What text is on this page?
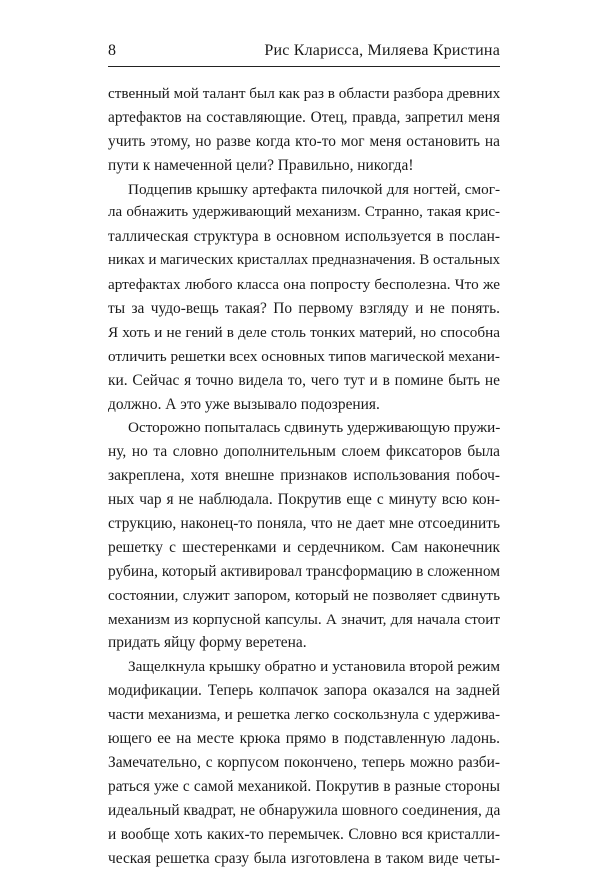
8	Рис Кларисса, Миляева Кристина
ственный мой талант был как раз в области разбора древних
артефактов на составляющие. Отец, правда, запретил меня
учить этому, но разве когда кто-то мог меня остановить на
пути к намеченной цели? Правильно, никогда!
Подцепив крышку артефакта пилочкой для ногтей, смог-
ла обнажить удерживающий механизм. Странно, такая крис-
таллическая структура в основном используется в послан-
никах и магических кристаллах предназначения. В остальных
артефактах любого класса она попросту бесполезна. Что же
ты за чудо-вещь такая? По первому взгляду и не понять.
Я хоть и не гений в деле столь тонких материй, но способна
отличить решетки всех основных типов магической механи-
ки. Сейчас я точно видела то, чего тут и в помине быть не
должно. А это уже вызывало подозрения.
Осторожно попыталась сдвинуть удерживающую пружи-
ну, но та словно дополнительным слоем фиксаторов была
закреплена, хотя внешне признаков использования побоч-
ных чар я не наблюдала. Покрутив еще с минуту всю кон-
струкцию, наконец-то поняла, что не дает мне отсоединить
решетку с шестеренками и сердечником. Сам наконечник
рубина, который активировал трансформацию в сложенном
состоянии, служит запором, который не позволяет сдвинуть
механизм из корпусной капсулы. А значит, для начала стоит
придать яйцу форму веретена.
Защелкнула крышку обратно и установила второй режим
модификации. Теперь колпачок запора оказался на задней
части механизма, и решетка легко соскользнула с удержива-
ющего ее на месте крюка прямо в подставленную ладонь.
Замечательно, с корпусом покончено, теперь можно разби-
раться уже с самой механикой. Покрутив в разные стороны
идеальный квадрат, не обнаружила шовного соединения, да
и вообще хоть каких-то перемычек. Словно вся кристалли-
ческая решетка сразу была изготовлена в таком виде четы-
